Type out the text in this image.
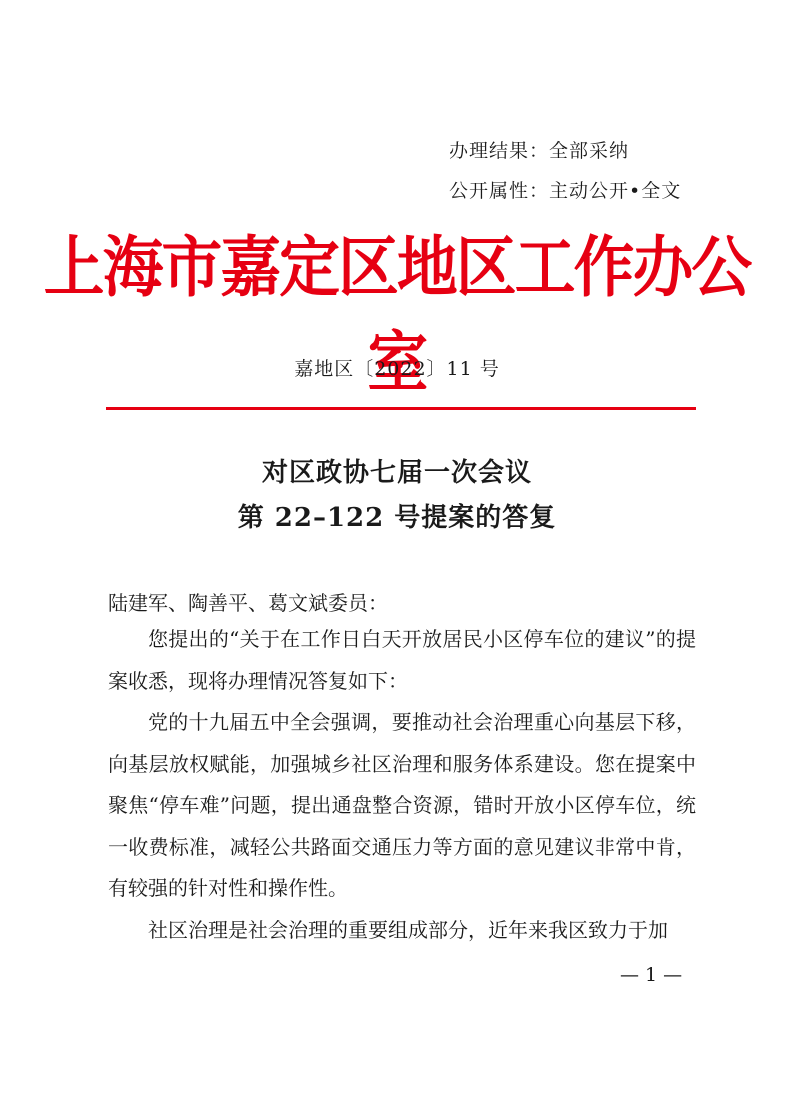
办理结果：全部采纳
公开属性：主动公开•全文
上海市嘉定区地区工作办公室
嘉地区〔2022〕11 号
对区政协七届一次会议
第 22–122 号提案的答复
陆建军、陶善平、葛文斌委员：

您提出的“关于在工作日白天开放居民小区停车位的建议”的提案收悉，现将办理情况答复如下：

党的十九届五中全会强调，要推动社会治理重心向基层下移，向基层放权赋能，加强城乡社区治理和服务体系建设。您在提案中聚焦“停车难”问题，提出通盘整合资源，错时开放小区停车位，统一收费标准，减轻公共路面交通压力等方面的意见建议非常中肯，有较强的针对性和操作性。

社区治理是社会治理的重要组成部分，近年来我区致力于加

— 1 —
